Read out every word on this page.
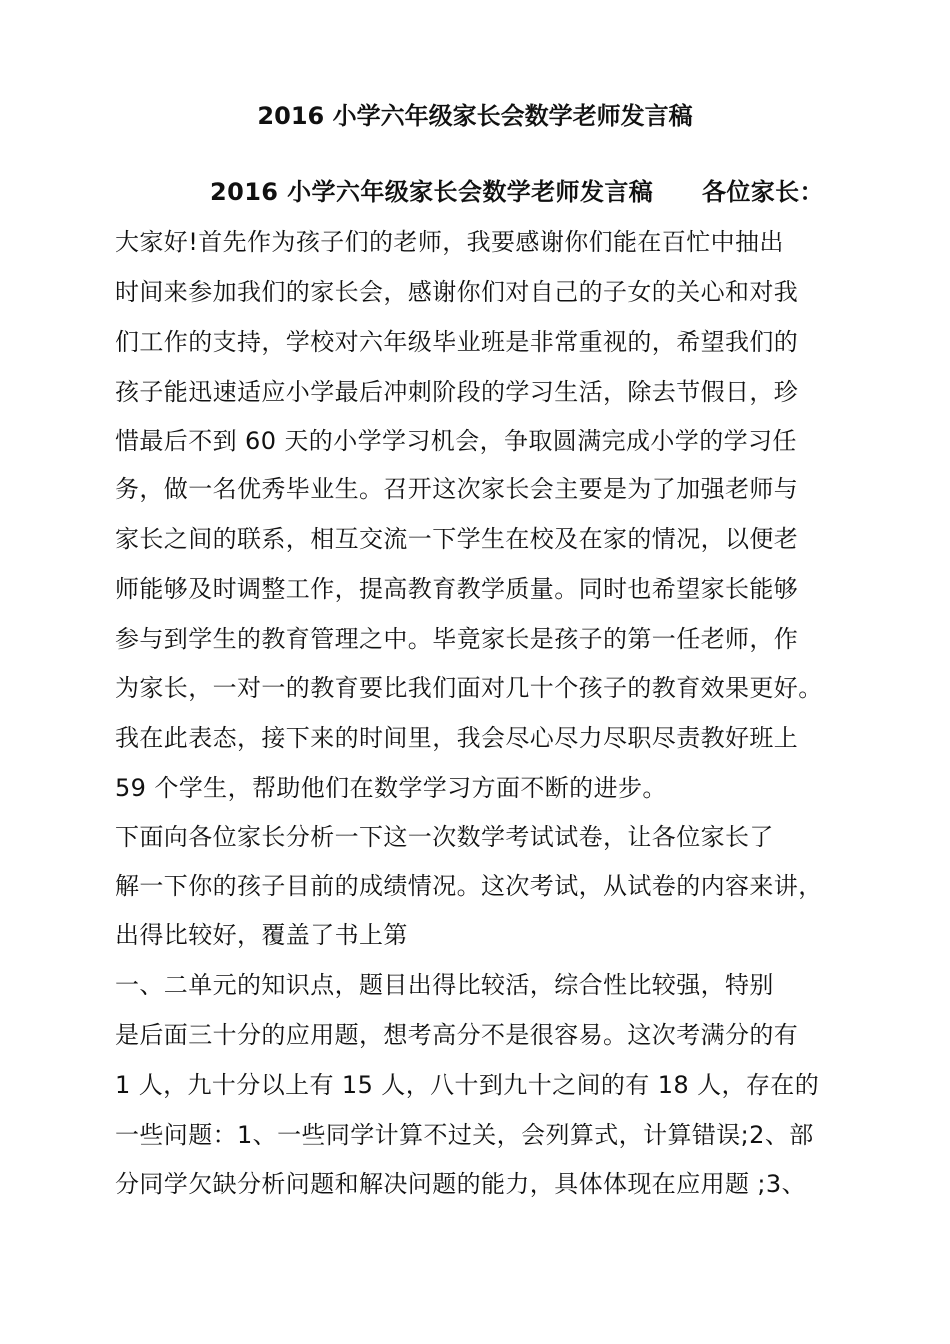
2016 小学六年级家长会数学老师发言稿
2016 小学六年级家长会数学老师发言稿　　各位家长：
大家好!首先作为孩子们的老师，我要感谢你们能在百忙中抽出
时间来参加我们的家长会，感谢你们对自己的子女的关心和对我
们工作的支持，学校对六年级毕业班是非常重视的，希望我们的
孩子能迅速适应小学最后冲刺阶段的学习生活，除去节假日，珍
惜最后不到 60 天的小学学习机会，争取圆满完成小学的学习任
务，做一名优秀毕业生。召开这次家长会主要是为了加强老师与
家长之间的联系，相互交流一下学生在校及在家的情况，以便老
师能够及时调整工作，提高教育教学质量。同时也希望家长能够
参与到学生的教育管理之中。毕竟家长是孩子的第一任老师，作
为家长，一对一的教育要比我们面对几十个孩子的教育效果更好。
我在此表态，接下来的时间里，我会尽心尽力尽职尽责教好班上
59 个学生，帮助他们在数学学习方面不断的进步。
下面向各位家长分析一下这一次数学考试试卷，让各位家长了
解一下你的孩子目前的成绩情况。这次考试，从试卷的内容来讲，
出得比较好，覆盖了书上第
一、二单元的知识点，题目出得比较活，综合性比较强，特别
是后面三十分的应用题，想考高分不是很容易。这次考满分的有
1 人，九十分以上有 15 人，八十到九十之间的有 18 人，存在的
一些问题：1、一些同学计算不过关，会列算式，计算错误;2、部
分同学欠缺分析问题和解决问题的能力，具体体现在应用题 ;3、
